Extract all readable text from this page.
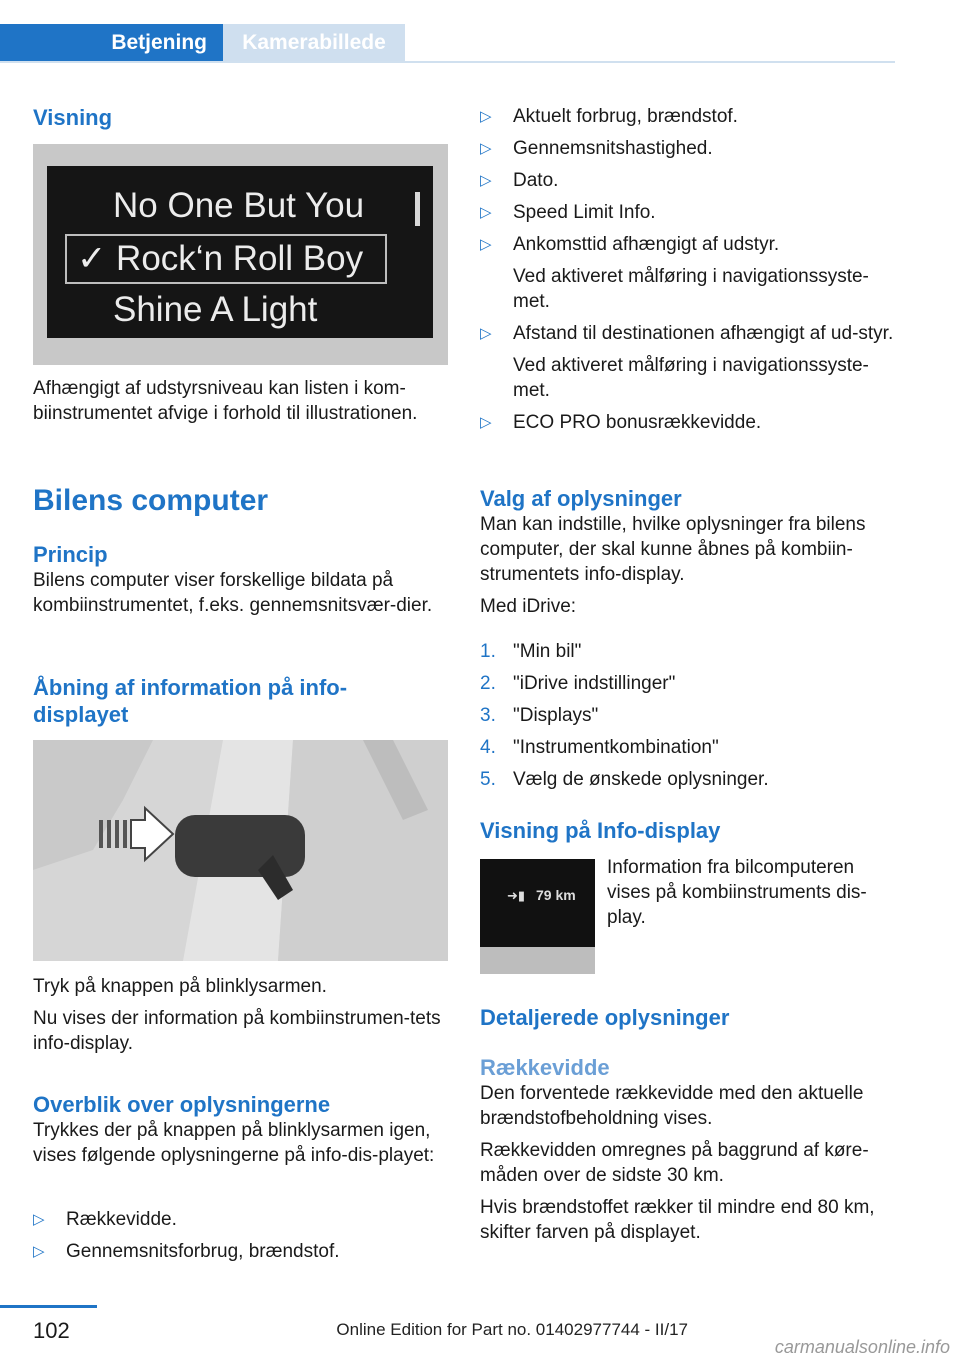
Betjening	Kamerabillede
Visning
No One But You
✓ Rock‘n Roll Boy
Shine A Light

Afhængigt af udstyrsniveau kan listen i kom-biinstrumentet afvige i forhold til illustrationen.

Bilens computer
Princip

Bilens computer viser forskellige bildata på kombiinstrumentet, f.eks. gennemsnitsvær-dier.

Åbning af information på info-displayet

Tryk på knappen på blinklysarmen.

Nu vises der information på kombiinstrumen-tets info-display.

Overblik over oplysningerne

Trykkes der på knappen på blinklysarmen igen, vises følgende oplysningerne på info-dis-playet:

▷ Rækkevidde.
▷ Gennemsnitsforbrug, brændstof.
▷ Aktuelt forbrug, brændstof.
▷ Gennemsnitshastighed.
▷ Dato.
▷ Speed Limit Info.
▷ Ankomsttid afhængigt af udstyr.
Ved aktiveret målføring i navigationssyste-met.
▷ Afstand til destinationen afhængigt af ud-styr.
Ved aktiveret målføring i navigationssyste-met.
▷ ECO PRO bonusrækkevidde.
Valg af oplysninger

Man kan indstille, hvilke oplysninger fra bilens computer, der skal kunne åbnes på kombiin-strumentets info-display.

Med iDrive:

1. "Min bil"
2. "iDrive indstillinger"
3. "Displays"
4. "Instrumentkombination"
5. Vælg de ønskede oplysninger.
Visning på Info-display
➜▮ 79 km

Information fra bilcomputeren vises på kombiinstruments dis-play.

Detaljerede oplysninger
Rækkevidde

Den forventede rækkevidde med den aktuelle brændstofbeholdning vises.

Rækkevidden omregnes på baggrund af køre-måden over de sidste 30 km.

Hvis brændstoffet rækker til mindre end 80 km, skifter farven på displayet.

102	Online Edition for Part no. 01402977744 - II/17
carmanualsonline.info
